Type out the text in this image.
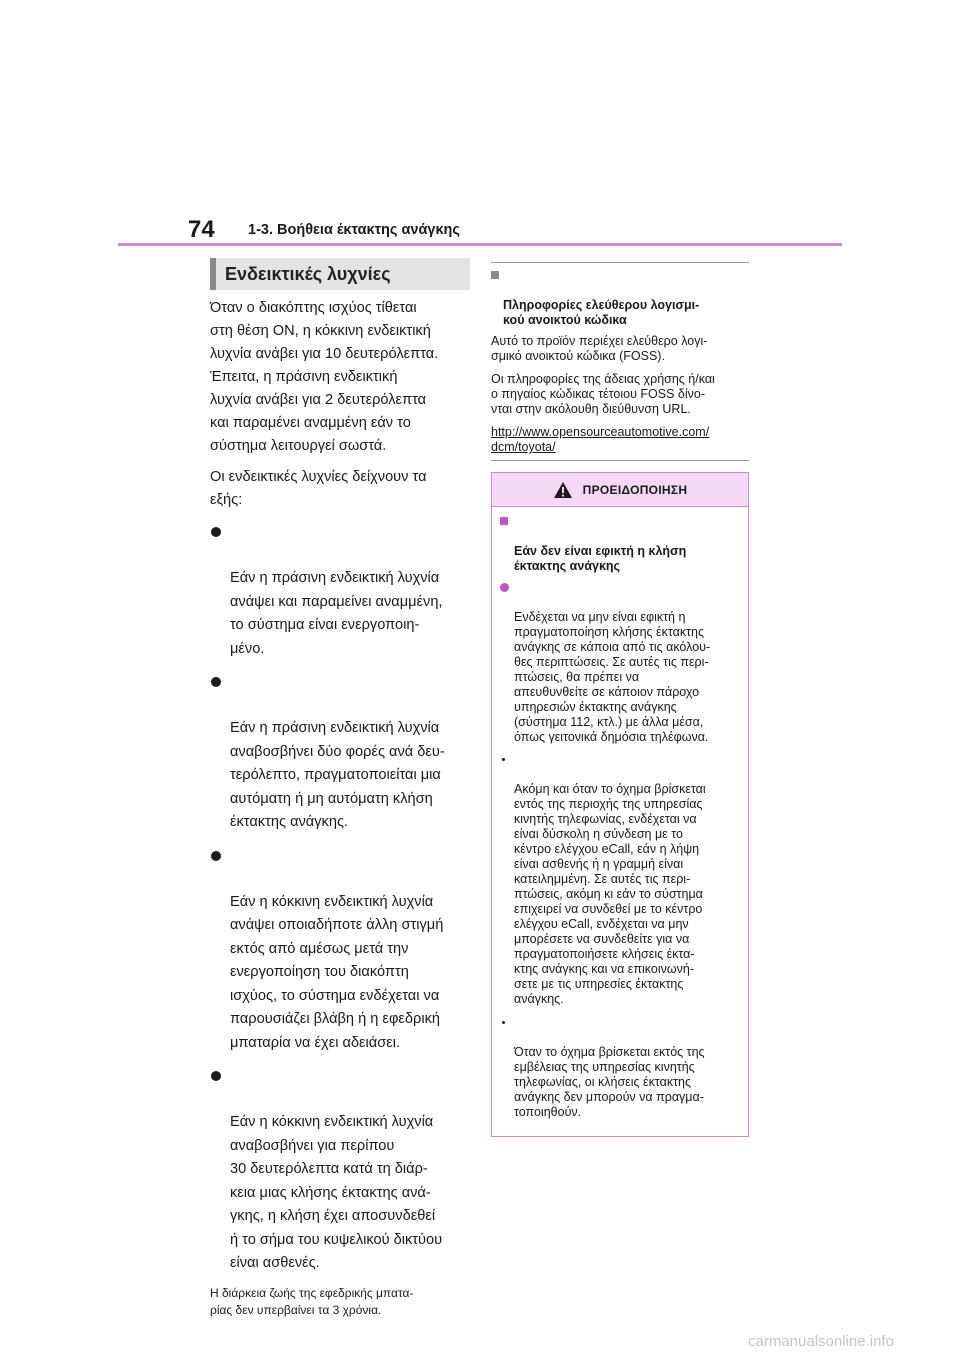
74 1-3. Βοήθεια έκτακτης ανάγκης
Ενδεικτικές λυχνίες

Όταν ο διακόπτης ισχύος τίθεται
στη θέση ON, η κόκκινη ενδεικτική
λυχνία ανάβει για 10 δευτερόλεπτα.
Έπειτα, η πράσινη ενδεικτική
λυχνία ανάβει για 2 δευτερόλεπτα
και παραμένει αναμμένη εάν το
σύστημα λειτουργεί σωστά.

Οι ενδεικτικές λυχνίες δείχνουν τα
εξής:

Εάν η πράσινη ενδεικτική λυχνία
ανάψει και παραμείνει αναμμένη,
το σύστημα είναι ενεργοποιη-
μένο.

Εάν η πράσινη ενδεικτική λυχνία
αναβοσβήνει δύο φορές ανά δευ-
τερόλεπτο, πραγματοποιείται μια
αυτόματη ή μη αυτόματη κλήση
έκτακτης ανάγκης.

Εάν η κόκκινη ενδεικτική λυχνία
ανάψει οποιαδήποτε άλλη στιγμή
εκτός από αμέσως μετά την
ενεργοποίηση του διακόπτη
ισχύος, το σύστημα ενδέχεται να
παρουσιάζει βλάβη ή η εφεδρική
μπαταρία να έχει αδειάσει.

Εάν η κόκκινη ενδεικτική λυχνία
αναβοσβήνει για περίπου
30 δευτερόλεπτα κατά τη διάρ-
κεια μιας κλήσης έκτακτης ανά-
γκης, η κλήση έχει αποσυνδεθεί
ή το σήμα του κυψελικού δικτύου
είναι ασθενές.

Η διάρκεια ζωής της εφεδρικής μπατα-
ρίας δεν υπερβαίνει τα 3 χρόνια.

Πληροφορίες ελεύθερου λογισμι-
κού ανοικτού κώδικα

Αυτό το προϊόν περιέχει ελεύθερο λογι-
σμικό ανοικτού κώδικα (FOSS).

Οι πληροφορίες της άδειας χρήσης ή/και
ο πηγαίος κώδικας τέτοιου FOSS δίνο-
νται στην ακόλουθη διεύθυνση URL.

http://www.opensourceautomotive.com/
dcm/toyota/
ΠΡΟΕΙΔΟΠΟΙΗΣΗ

Εάν δεν είναι εφικτή η κλήση
έκτακτης ανάγκης

Ενδέχεται να μην είναι εφικτή η
πραγματοποίηση κλήσης έκτακτης
ανάγκης σε κάποια από τις ακόλου-
θες περιπτώσεις. Σε αυτές τις περι-
πτώσεις, θα πρέπει να
απευθυνθείτε σε κάποιον πάροχο
υπηρεσιών έκτακτης ανάγκης
(σύστημα 112, κτλ.) με άλλα μέσα,
όπως γειτονικά δημόσια τηλέφωνα.

Ακόμη και όταν το όχημα βρίσκεται
εντός της περιοχής της υπηρεσίας
κινητής τηλεφωνίας, ενδέχεται να
είναι δύσκολη η σύνδεση με το
κέντρο ελέγχου eCall, εάν η λήψη
είναι ασθενής ή η γραμμή είναι
κατειλημμένη. Σε αυτές τις περι-
πτώσεις, ακόμη κι εάν το σύστημα
επιχειρεί να συνδεθεί με το κέντρο
ελέγχου eCall, ενδέχεται να μην
μπορέσετε να συνδεθείτε για να
πραγματοποιήσετε κλήσεις έκτα-
κτης ανάγκης και να επικοινωνή-
σετε με τις υπηρεσίες έκτακτης
ανάγκης.

Όταν το όχημα βρίσκεται εκτός της
εμβέλειας της υπηρεσίας κινητής
τηλεφωνίας, οι κλήσεις έκτακτης
ανάγκης δεν μπορούν να πραγμα-
τοποιηθούν.

carmanualsonline.info
